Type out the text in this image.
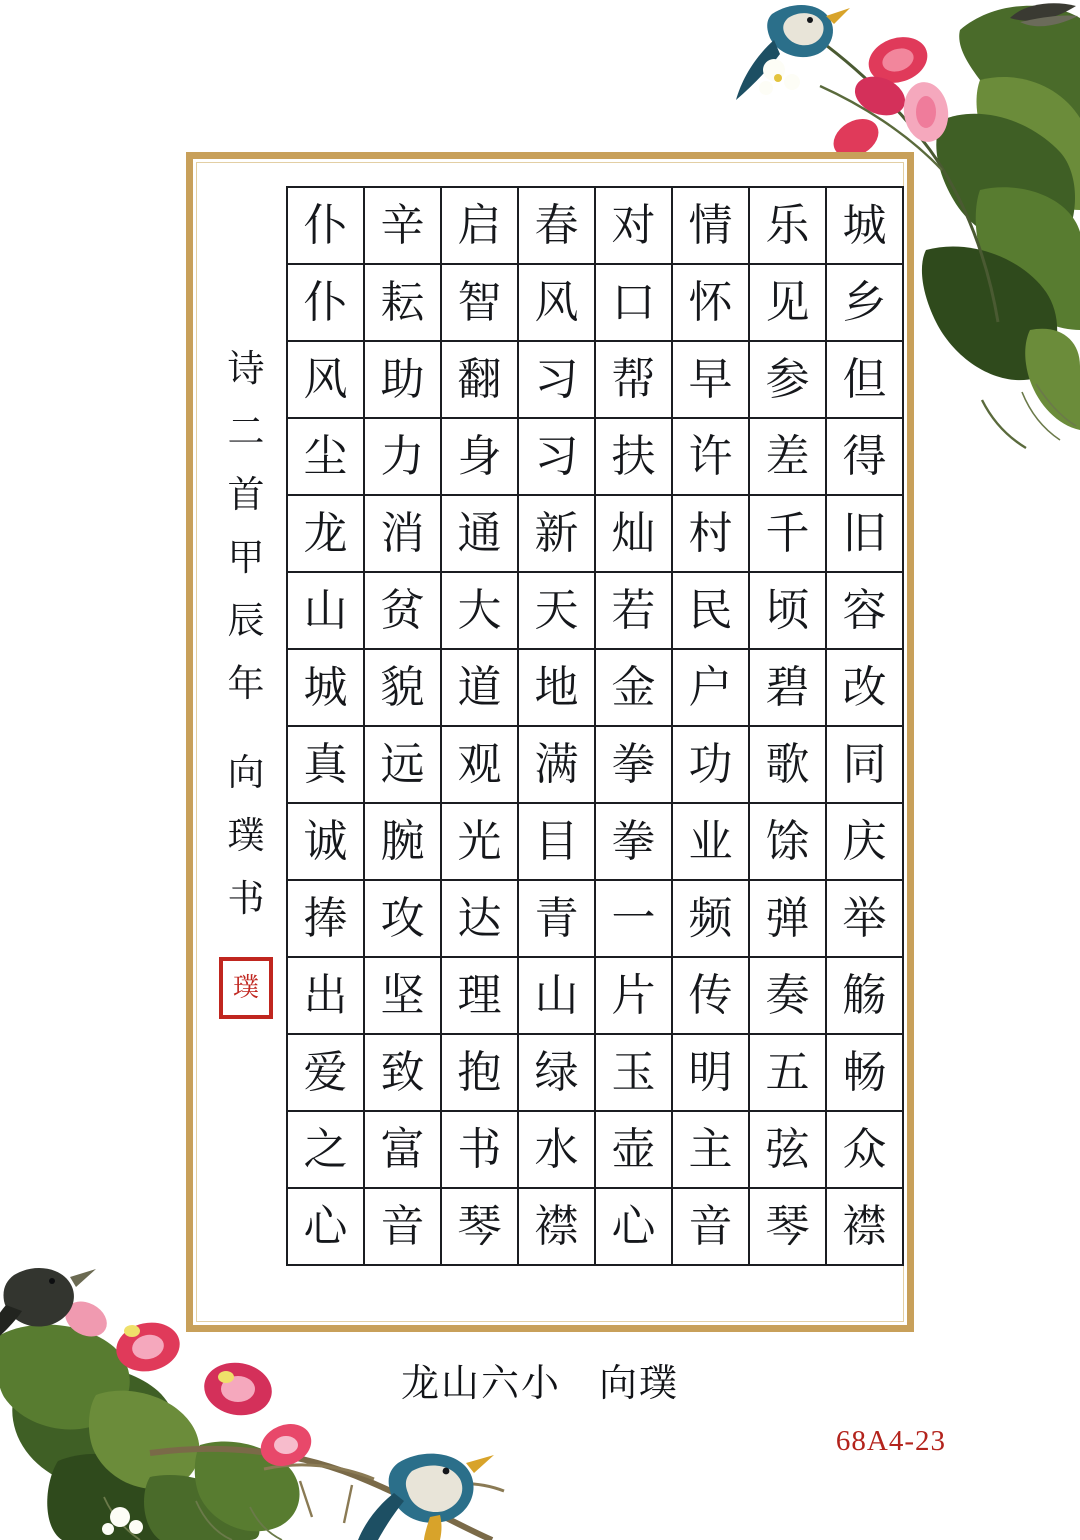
诗
二
首
甲
辰
年
向
璞
书
璞
仆	辛	启	春	对	情	乐	城
仆	耘	智	风	口	怀	见	乡
风	助	翻	习	帮	早	参	但
尘	力	身	习	扶	许	差	得
龙	消	通	新	灿	村	千	旧
山	贫	大	天	若	民	顷	容
城	貌	道	地	金	户	碧	改
真	远	观	满	拳	功	歌	同
诚	腕	光	目	拳	业	馀	庆
捧	攻	达	青	一	频	弹	举
出	坚	理	山	片	传	奏	觞
爱	致	抱	绿	玉	明	五	畅
之	富	书	水	壶	主	弦	众
心	音	琴	襟	心	音	琴	襟
龙山六小 向璞
68A4-23
